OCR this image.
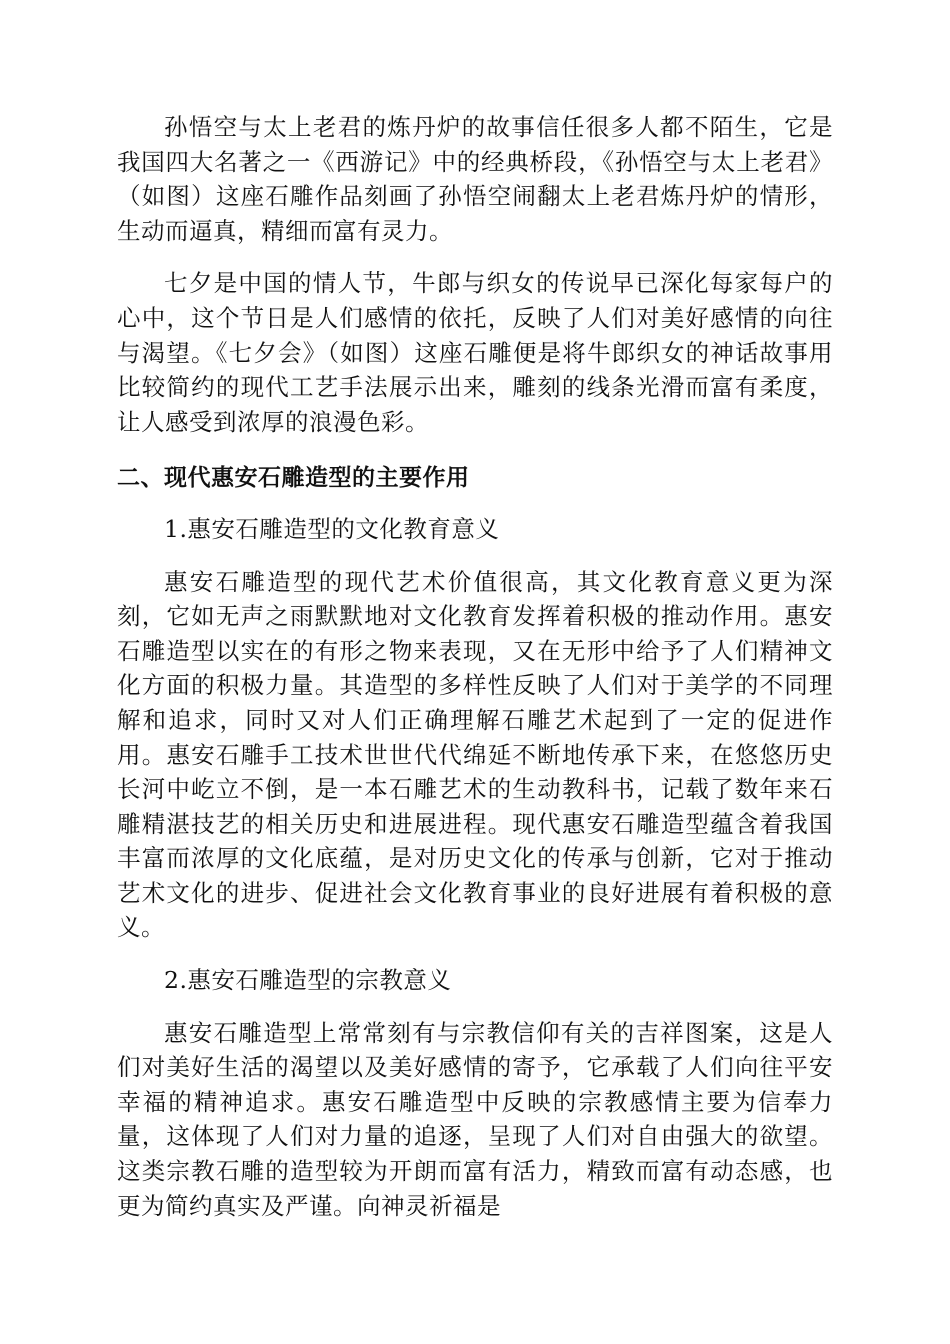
孙悟空与太上老君的炼丹炉的故事信任很多人都不陌生，它是我国四大名著之一《西游记》中的经典桥段，《孙悟空与太上老君》（如图）这座石雕作品刻画了孙悟空闹翻太上老君炼丹炉的情形，生动而逼真，精细而富有灵力。

七夕是中国的情人节，牛郎与织女的传说早已深化每家每户的心中，这个节日是人们感情的依托，反映了人们对美好感情的向往与渴望。《七夕会》（如图）这座石雕便是将牛郎织女的神话故事用比较简约的现代工艺手法展示出来，雕刻的线条光滑而富有柔度，让人感受到浓厚的浪漫色彩。

二、现代惠安石雕造型的主要作用

1.惠安石雕造型的文化教育意义

惠安石雕造型的现代艺术价值很高，其文化教育意义更为深刻，它如无声之雨默默地对文化教育发挥着积极的推动作用。惠安石雕造型以实在的有形之物来表现，又在无形中给予了人们精神文化方面的积极力量。其造型的多样性反映了人们对于美学的不同理解和追求，同时又对人们正确理解石雕艺术起到了一定的促进作用。惠安石雕手工技术世世代代绵延不断地传承下来，在悠悠历史长河中屹立不倒，是一本石雕艺术的生动教科书，记载了数年来石雕精湛技艺的相关历史和进展进程。现代惠安石雕造型蕴含着我国丰富而浓厚的文化底蕴，是对历史文化的传承与创新，它对于推动艺术文化的进步、促进社会文化教育事业的良好进展有着积极的意义。

2.惠安石雕造型的宗教意义

惠安石雕造型上常常刻有与宗教信仰有关的吉祥图案，这是人们对美好生活的渴望以及美好感情的寄予，它承载了人们向往平安幸福的精神追求。惠安石雕造型中反映的宗教感情主要为信奉力量，这体现了人们对力量的追逐，呈现了人们对自由强大的欲望。这类宗教石雕的造型较为开朗而富有活力，精致而富有动态感，也更为简约真实及严谨。向神灵祈福是
